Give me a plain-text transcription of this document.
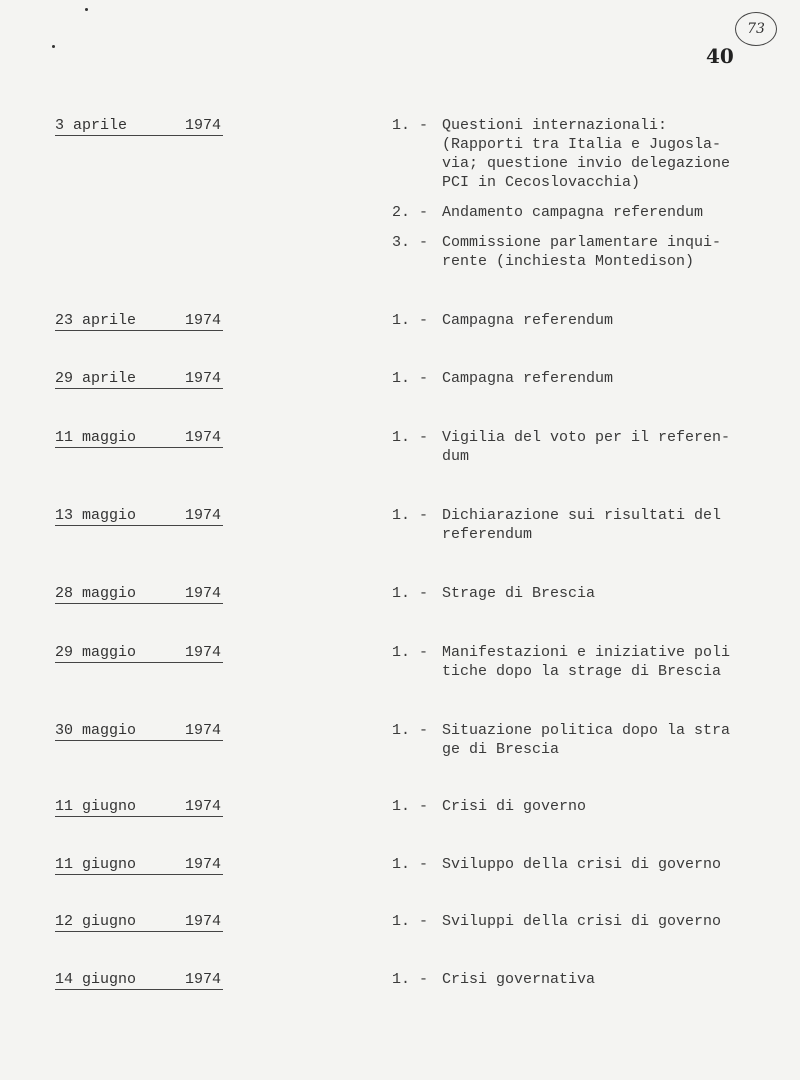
73
40
3 aprile	1974	1. - Questioni internazionali:
(Rapporti tra Italia e Jugosla-
via; questione invio delegazione
PCI in Cecoslovacchia)
2. - Andamento campagna referendum
3. - Commissione parlamentare inqui-
rente (inchiesta Montedison)
23 aprile	1974	1. - Campagna referendum
29 aprile	1974	1. - Campagna referendum
11 maggio	1974	1. - Vigilia del voto per il referen-
dum
13 maggio	1974	1. - Dichiarazione sui risultati del
referendum
28 maggio	1974	1. - Strage di Brescia
29 maggio	1974	1. - Manifestazioni e iniziative poli
tiche dopo la strage di Brescia
30 maggio	1974	1. - Situazione politica dopo la stra
ge di Brescia
11 giugno	1974	1. - Crisi di governo
11 giugno	1974	1. - Sviluppo della crisi di governo
12 giugno	1974	1. - Sviluppi della crisi di governo
14 giugno	1974	1. - Crisi governativa
